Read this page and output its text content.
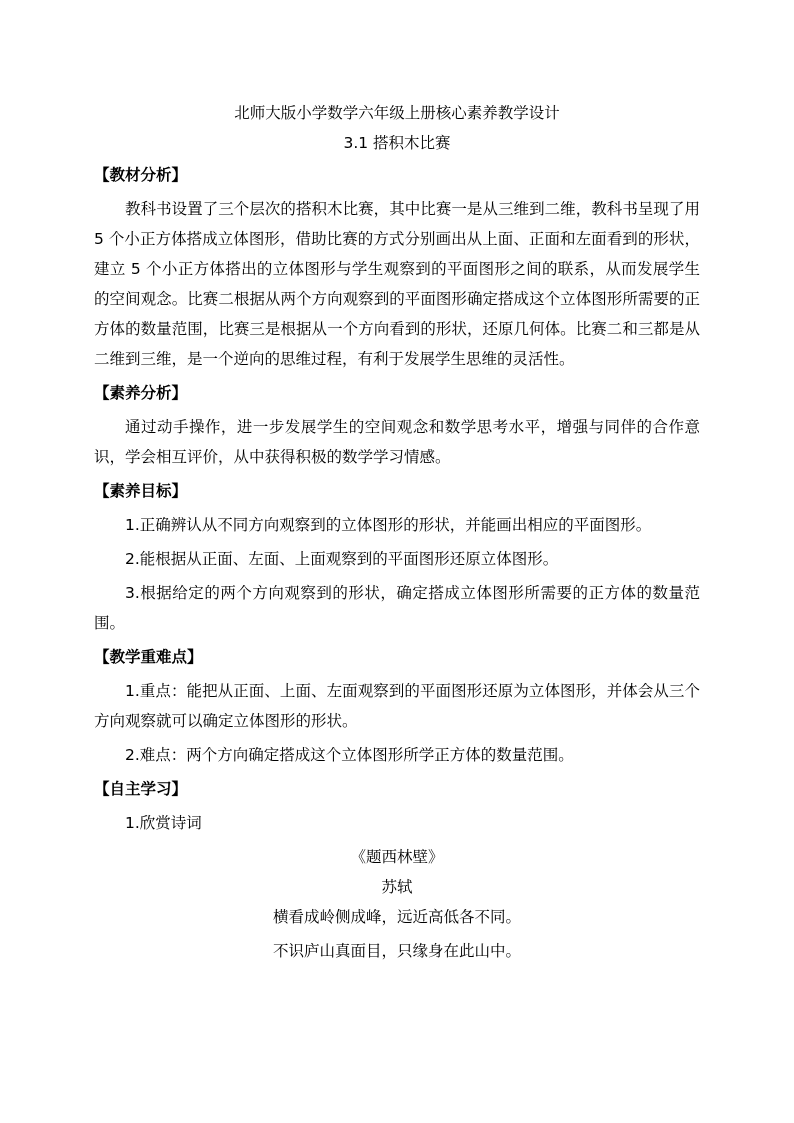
北师大版小学数学六年级上册核心素养教学设计
3.1 搭积木比赛
【教材分析】

教科书设置了三个层次的搭积木比赛，其中比赛一是从三维到二维，教科书呈现了用 5 个小正方体搭成立体图形，借助比赛的方式分别画出从上面、正面和左面看到的形状，建立 5 个小正方体搭出的立体图形与学生观察到的平面图形之间的联系，从而发展学生的空间观念。比赛二根据从两个方向观察到的平面图形确定搭成这个立体图形所需要的正方体的数量范围，比赛三是根据从一个方向看到的形状，还原几何体。比赛二和三都是从二维到三维，是一个逆向的思维过程，有利于发展学生思维的灵活性。

【素养分析】

通过动手操作，进一步发展学生的空间观念和数学思考水平，增强与同伴的合作意识，学会相互评价，从中获得积极的数学学习情感。

【素养目标】

1.正确辨认从不同方向观察到的立体图形的形状，并能画出相应的平面图形。

2.能根据从正面、左面、上面观察到的平面图形还原立体图形。

3.根据给定的两个方向观察到的形状，确定搭成立体图形所需要的正方体的数量范围。

【教学重难点】

1.重点：能把从正面、上面、左面观察到的平面图形还原为立体图形，并体会从三个方向观察就可以确定立体图形的形状。

2.难点：两个方向确定搭成这个立体图形所学正方体的数量范围。

【自主学习】

1.欣赏诗词

《题西林壁》
苏轼
横看成岭侧成峰，远近高低各不同。
不识庐山真面目，只缘身在此山中。
